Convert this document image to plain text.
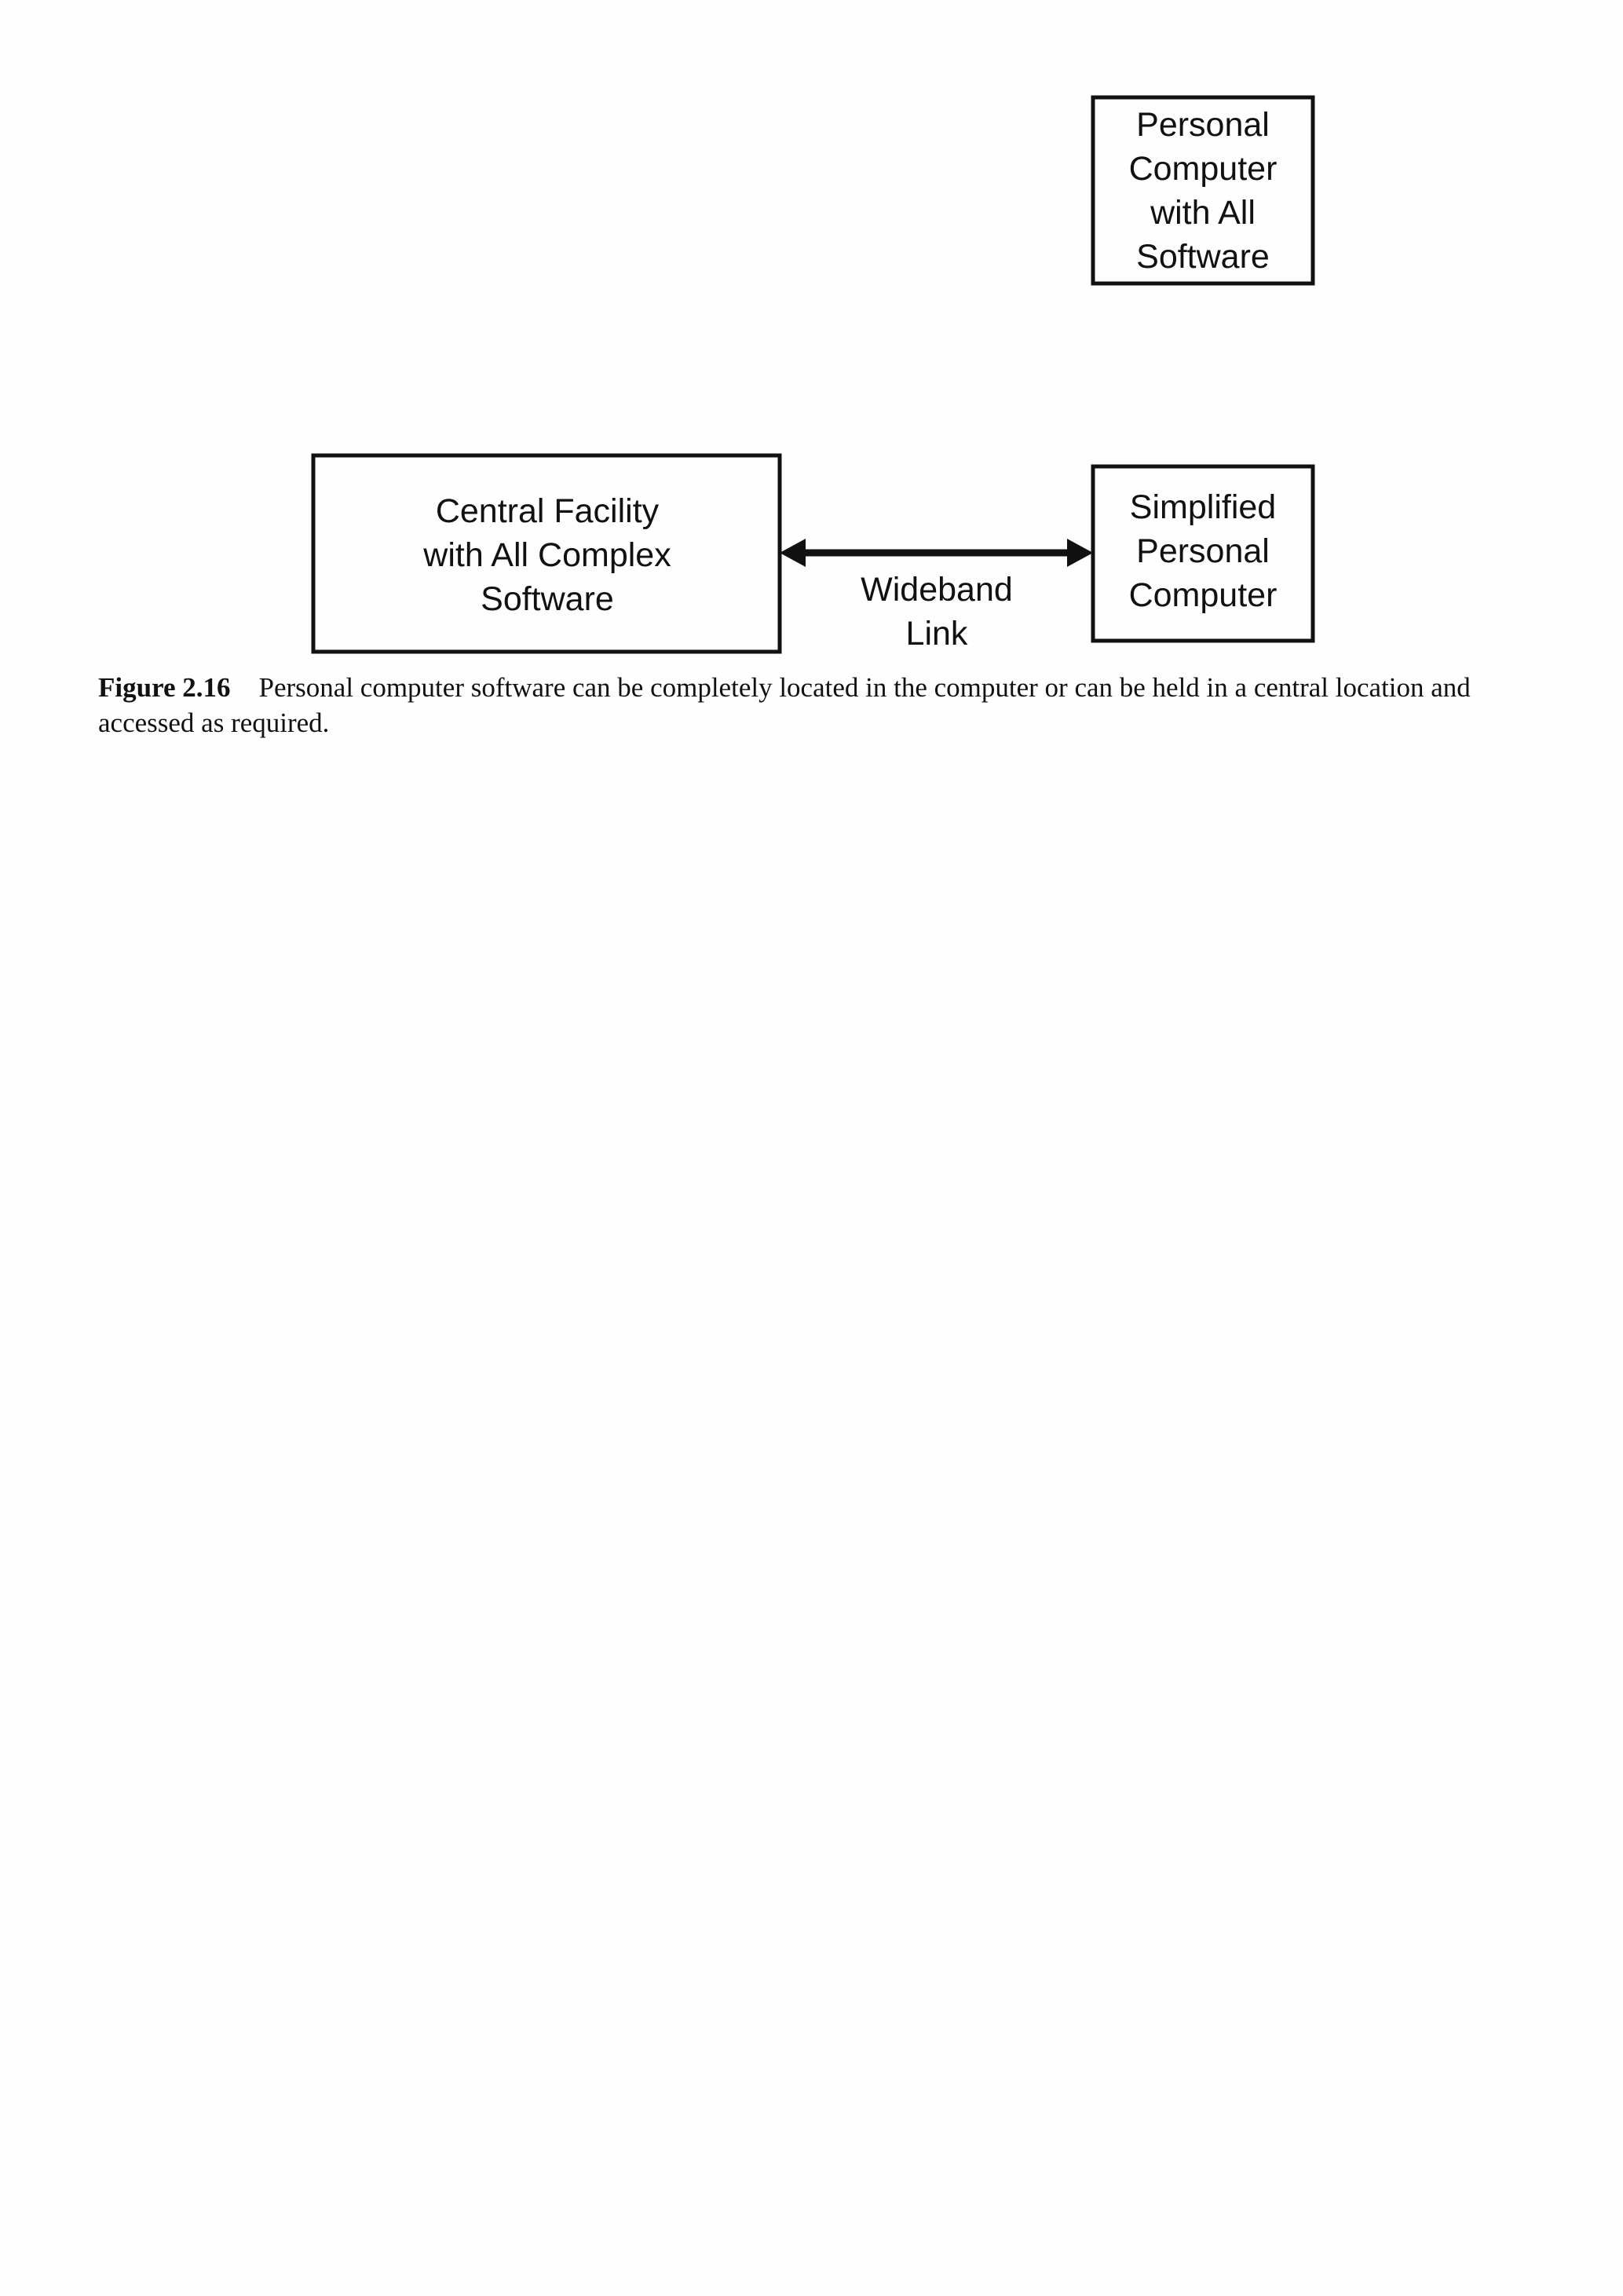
Personal
Computer
with All
Software
Central Facility
with All Complex
Software
Simplified
Personal
Computer
Wideband
Link

Figure 2.16 Personal computer software can be completely located in the computer or can be held in a central location and accessed as required.
